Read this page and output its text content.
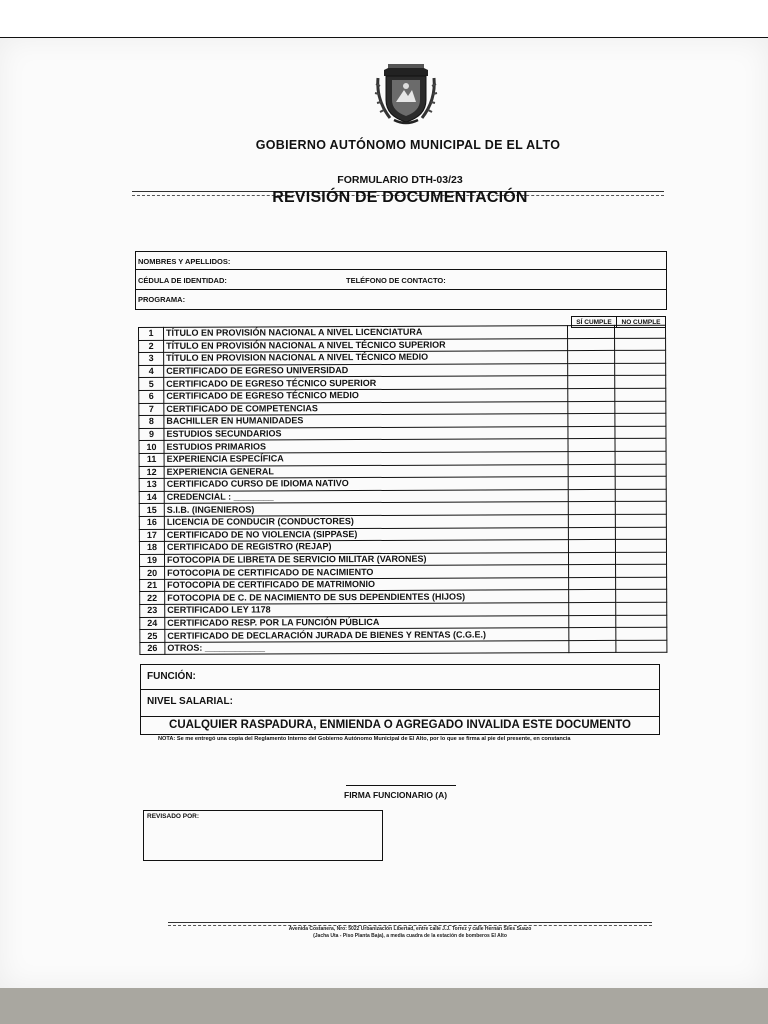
GOBIERNO AUTÓNOMO MUNICIPAL DE EL ALTO
FORMULARIO DTH-03/23
REVISIÓN DE DOCUMENTACIÓN
NOMBRES Y APELLIDOS:
CÉDULA DE IDENTIDAD:	TELÉFONO DE CONTACTO:
PROGRAMA:
SÍ CUMPLE	NO CUMPLE
1	TÍTULO EN PROVISIÓN NACIONAL A NIVEL LICENCIATURA		
2	TÍTULO EN PROVISIÓN NACIONAL A NIVEL TÉCNICO SUPERIOR		
3	TÍTULO EN PROVISION NACIONAL A NIVEL TÉCNICO MEDIO		
4	CERTIFICADO DE EGRESO UNIVERSIDAD		
5	CERTIFICADO DE EGRESO TÉCNICO SUPERIOR		
6	CERTIFICADO DE EGRESO TÉCNICO MEDIO		
7	CERTIFICADO DE COMPETENCIAS		
8	BACHILLER EN HUMANIDADES		
9	ESTUDIOS SECUNDARIOS		
10	ESTUDIOS PRIMARIOS		
11	EXPERIENCIA ESPECÍFICA		
12	EXPERIENCIA GENERAL		
13	CERTIFICADO CURSO DE IDIOMA NATIVO		
14	CREDENCIAL : ________		
15	S.I.B. (INGENIEROS)		
16	LICENCIA DE CONDUCIR (CONDUCTORES)		
17	CERTIFICADO DE NO VIOLENCIA (SIPPASE)		
18	CERTIFICADO DE REGISTRO (REJAP)		
19	FOTOCOPIA DE LIBRETA DE SERVICIO MILITAR (VARONES)		
20	FOTOCOPIA DE CERTIFICADO DE NACIMIENTO		
21	FOTOCOPIA DE CERTIFICADO DE MATRIMONIO		
22	FOTOCOPIA DE C. DE NACIMIENTO DE SUS DEPENDIENTES (HIJOS)		
23	CERTIFICADO LEY 1178		
24	CERTIFICADO RESP. POR LA FUNCIÓN PÚBLICA		
25	CERTIFICADO DE DECLARACIÓN JURADA DE BIENES Y RENTAS (C.G.E.)		
26	OTROS: ____________		
FUNCIÓN:
NIVEL SALARIAL:
CUALQUIER RASPADURA, ENMIENDA O AGREGADO INVALIDA ESTE DOCUMENTO
NOTA: Se me entregó una copia del Reglamento Interno del Gobierno Autónomo Municipal de El Alto, por lo que se firma al pie del presente, en constancia
FIRMA FUNCIONARIO (A)
REVISADO POR:
Avenida Costanera, Nro: 5022 Urbanización Libertad, entre calle J.J. Torrez y calle Hernán Siles Suazo
(Jacha Uta - Piso Planta Baja), a media cuadra de la estación de bomberos El Alto
